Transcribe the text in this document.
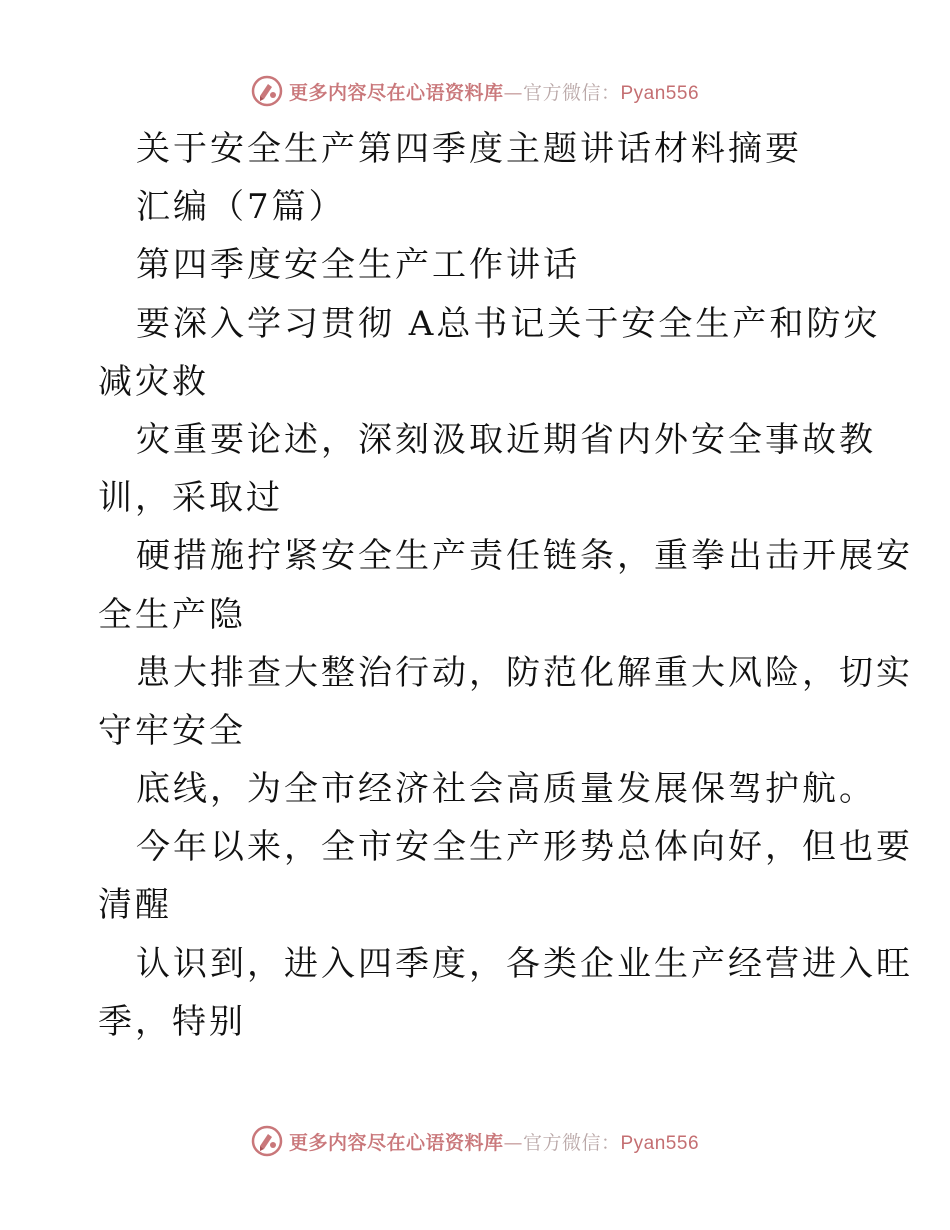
更多内容尽在心语资料库—官方微信：Pyan556
关于安全生产第四季度主题讲话材料摘要
汇编（7篇）
第四季度安全生产工作讲话
要深入学习贯彻 A总书记关于安全生产和防灾
减灾救
灾重要论述，深刻汲取近期省内外安全事故教
训，采取过
硬措施拧紧安全生产责任链条，重拳出击开展安
全生产隐
患大排查大整治行动，防范化解重大风险，切实
守牢安全
底线，为全市经济社会高质量发展保驾护航。
今年以来，全市安全生产形势总体向好，但也要
清醒
认识到，进入四季度，各类企业生产经营进入旺
季，特别
更多内容尽在心语资料库—官方微信：Pyan556
